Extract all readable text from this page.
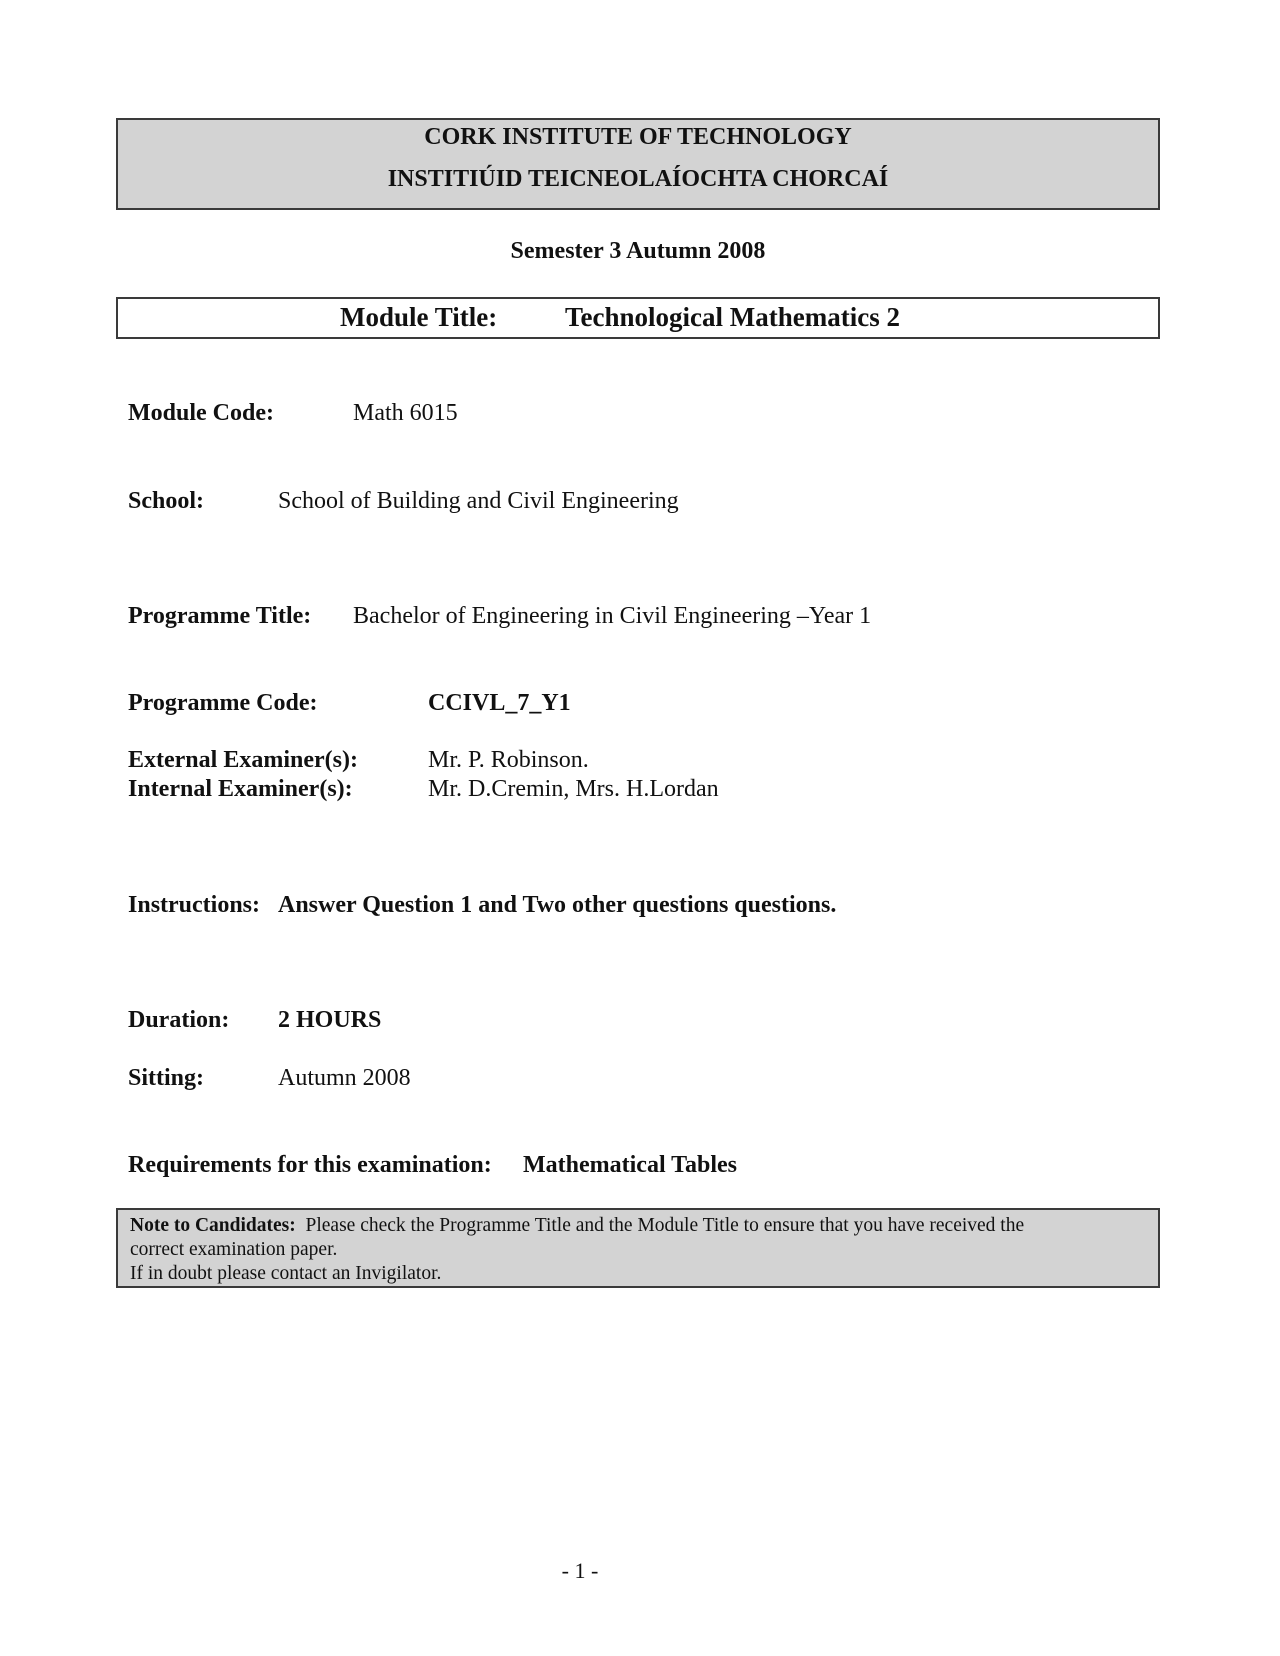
CORK INSTITUTE OF TECHNOLOGY
INSTITIÚID TEICNEOLAÍOCHTA CHORCAÍ
Semester 3 Autumn 2008
Module Title:	Technological Mathematics 2
Module Code:	Math 6015
School:	School of Building and Civil Engineering
Programme Title: Bachelor of Engineering in Civil Engineering –Year 1
Programme Code:	CCIVL_7_Y1
External Examiner(s):	Mr. P. Robinson.
Internal Examiner(s):	Mr. D.Cremin, Mrs. H.Lordan
Instructions: Answer Question 1 and Two other questions questions.
Duration: 2 HOURS
Sitting:	Autumn 2008
Requirements for this examination: Mathematical Tables
Note to Candidates: Please check the Programme Title and the Module Title to ensure that you have received the
correct examination paper.
If in doubt please contact an Invigilator.
- 1 -
